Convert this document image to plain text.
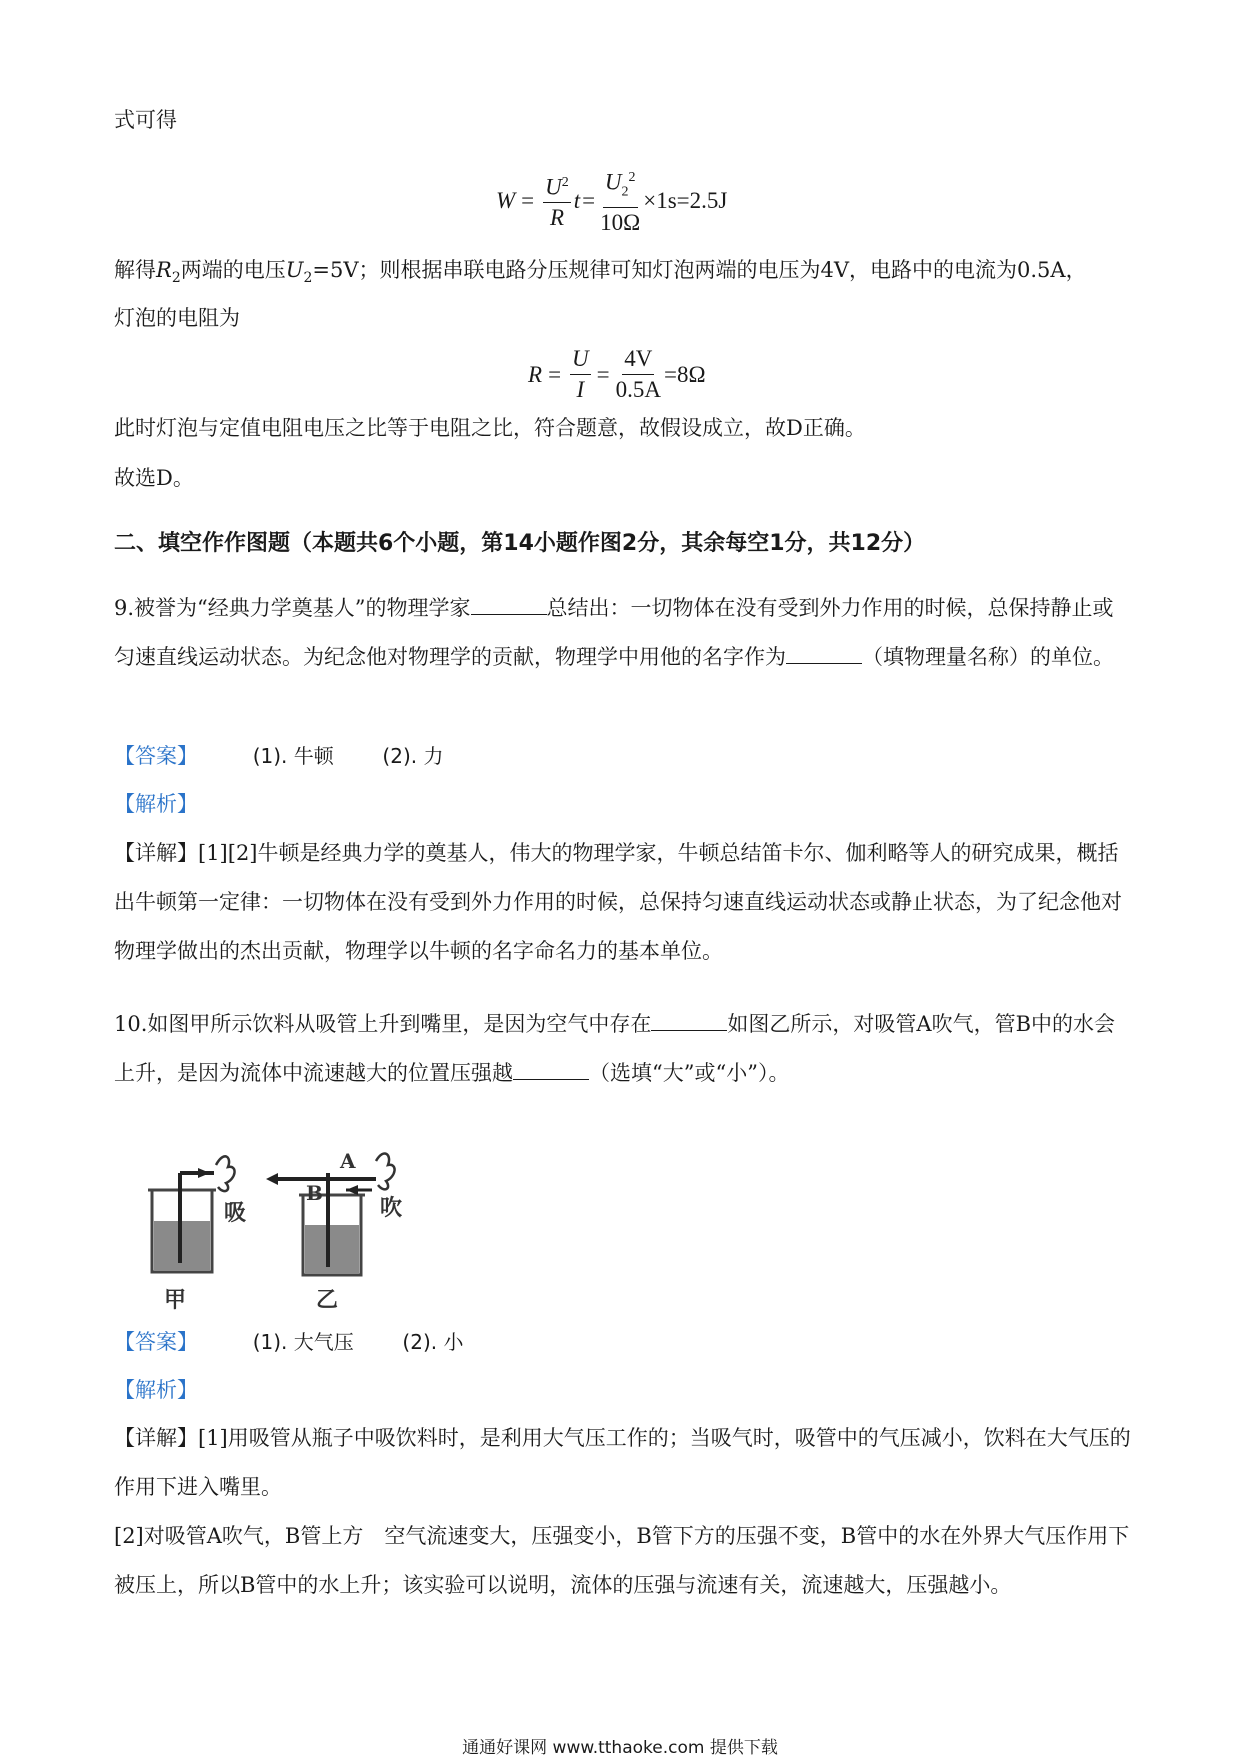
式可得
$W = \frac{U^2}{R}$ $t = \frac{U_2^2}{10\Omega} \times 1s=2.5J$
解得$R_2$两端的电压$U_2=5V$；则根据串联电路分压规律可知灯泡两端的电压为4V，电路中的电流为0.5A，
灯泡的电阻为
$R = \frac{U}{I} = \frac{4V}{0.5A} =8\Omega$
此时灯泡与定值电阻电压之比等于电阻之比，符合题意，故假设成立，故D正确。
故选D。
二、填空作作图题（本题共6个小题，第14小题作图2分，其余每空1分，共12分）
9.被誉为“经典力学奠基人”的物理学家	总结出：一切物体在没有受到外力作用的时候，总保持静止或匀速直线运动状态。为纪念他对物理学的贡献，物理学中用他的名字作为	（填物理量名称）的单位。
【答案】	(1). 牛顿 (2). 力
【解析】
【详解】[1][2]牛顿是经典力学的奠基人，伟大的物理学家，牛顿总结笛卡尔、伽利略等人的研究成果，概括出牛顿第一定律：一切物体在没有受到外力作用的时候，总保持匀速直线运动状态或静止状态，为了纪念他对物理学做出的杰出贡献，物理学以牛顿的名字命名力的基本单位。
10.如图甲所示饮料从吸管上升到嘴里，是因为空气中存在	如图乙所示，对吸管A吹气，管B中的水会上升，是因为流体中流速越大的位置压强越	（选填“大”或“小”）。
吸
甲
A
B
吹
乙
【答案】	(1). 大气压 (2). 小
【解析】
【详解】[1]用吸管从瓶子中吸饮料时，是利用大气压工作的；当吸气时，吸管中的气压减小，饮料在大气压的作用下进入嘴里。
[2]对吸管A吹气，B管上方　空气流速变大，压强变小，B管下方的压强不变，B管中的水在外界大气压作用下被压上，所以B管中的水上升；该实验可以说明，流体的压强与流速有关，流速越大，压强越小。
通通好课网 www.tthaoke.com 提供下载
